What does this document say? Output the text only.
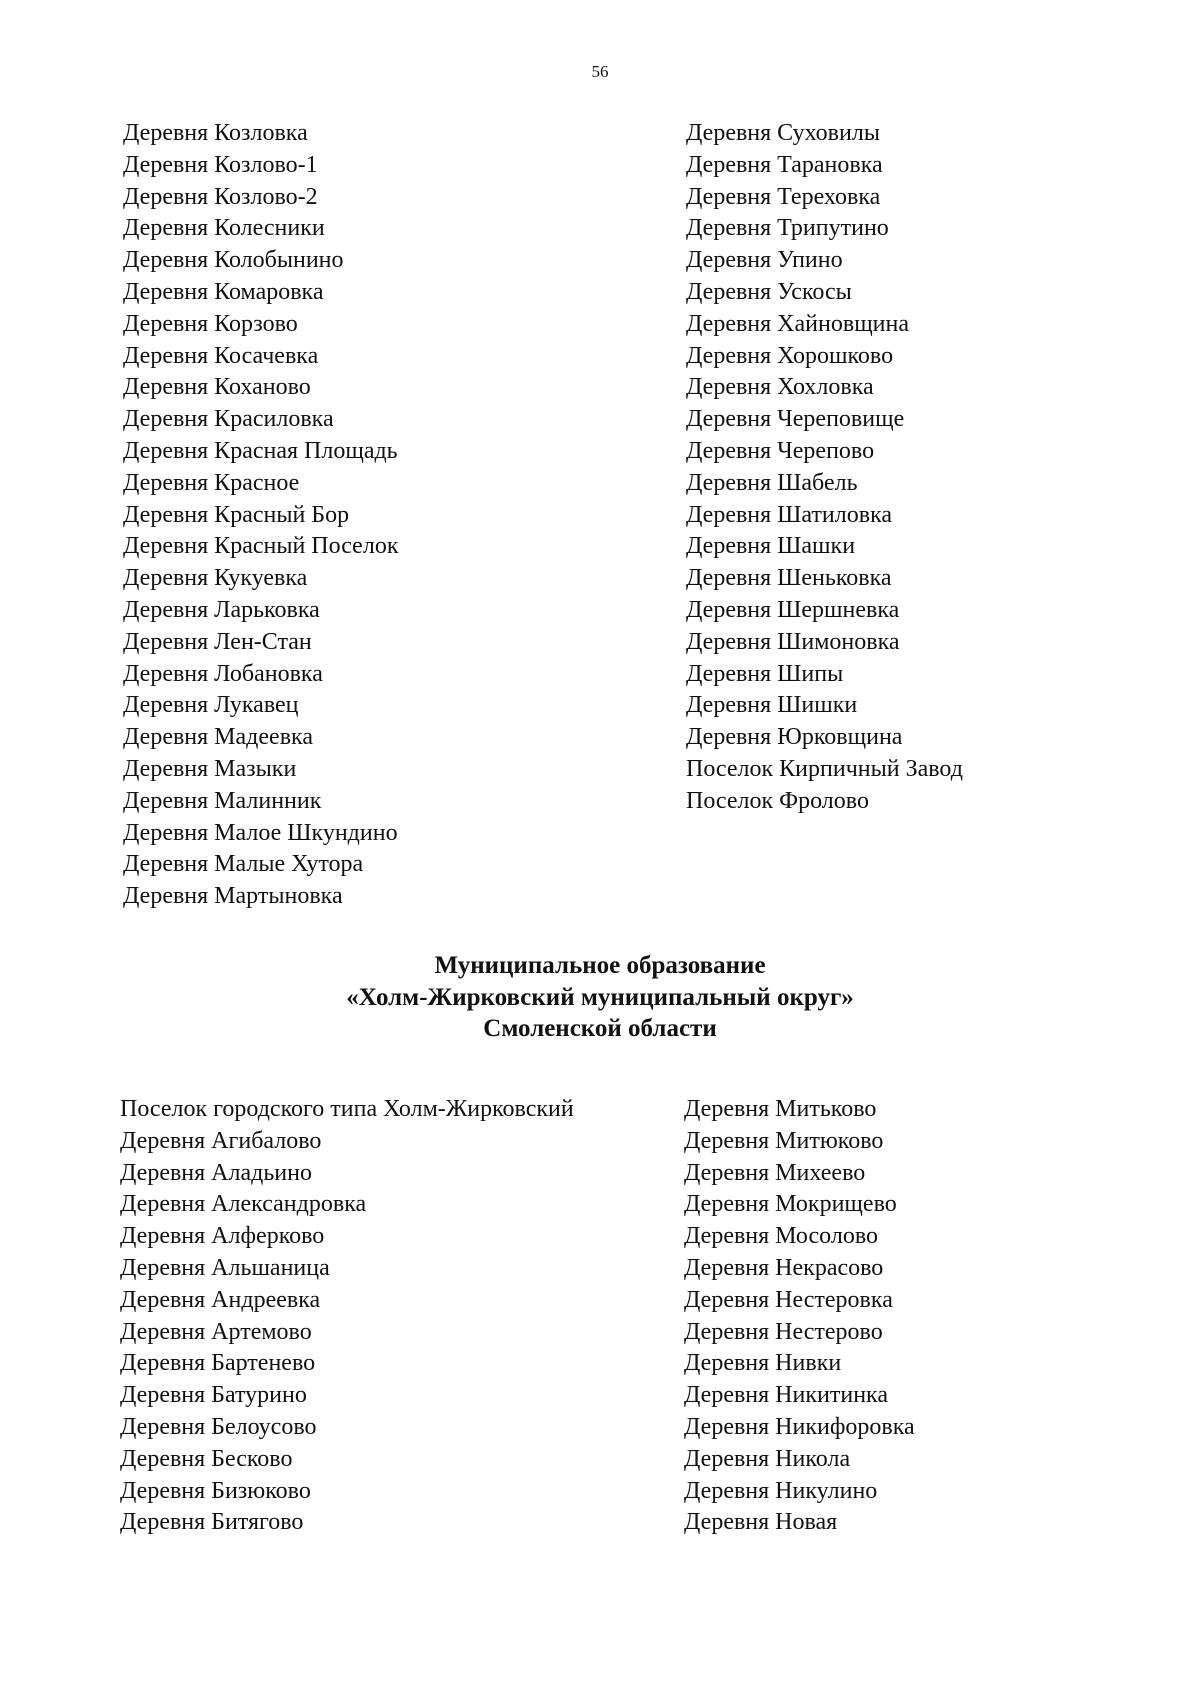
56
Деревня Козловка
Деревня Козлово-1
Деревня Козлово-2
Деревня Колесники
Деревня Колобынино
Деревня Комаровка
Деревня Корзово
Деревня Косачевка
Деревня Коханово
Деревня Красиловка
Деревня Красная Площадь
Деревня Красное
Деревня Красный Бор
Деревня Красный Поселок
Деревня Кукуевка
Деревня Ларьковка
Деревня Лен-Стан
Деревня Лобановка
Деревня Лукавец
Деревня Мадеевка
Деревня Мазыки
Деревня Малинник
Деревня Малое Шкундино
Деревня Малые Хутора
Деревня Мартыновка
Деревня Суховилы
Деревня Тарановка
Деревня Тереховка
Деревня Трипутино
Деревня Упино
Деревня Ускосы
Деревня Хайновщина
Деревня Хорошково
Деревня Хохловка
Деревня Череповище
Деревня Черепово
Деревня Шабель
Деревня Шатиловка
Деревня Шашки
Деревня Шеньковка
Деревня Шершневка
Деревня Шимоновка
Деревня Шипы
Деревня Шишки
Деревня Юрковщина
Поселок Кирпичный Завод
Поселок Фролово
Муниципальное образование
«Холм-Жирковский муниципальный округ»
Смоленской области
Поселок городского типа Холм-Жирковский
Деревня Агибалово
Деревня Аладьино
Деревня Александровка
Деревня Алферково
Деревня Альшаница
Деревня Андреевка
Деревня Артемово
Деревня Бартенево
Деревня Батурино
Деревня Белоусово
Деревня Бесково
Деревня Бизюково
Деревня Битягово
Деревня Митьково
Деревня Митюково
Деревня Михеево
Деревня Мокрищево
Деревня Мосолово
Деревня Некрасово
Деревня Нестеровка
Деревня Нестерово
Деревня Нивки
Деревня Никитинка
Деревня Никифоровка
Деревня Никола
Деревня Никулино
Деревня Новая
